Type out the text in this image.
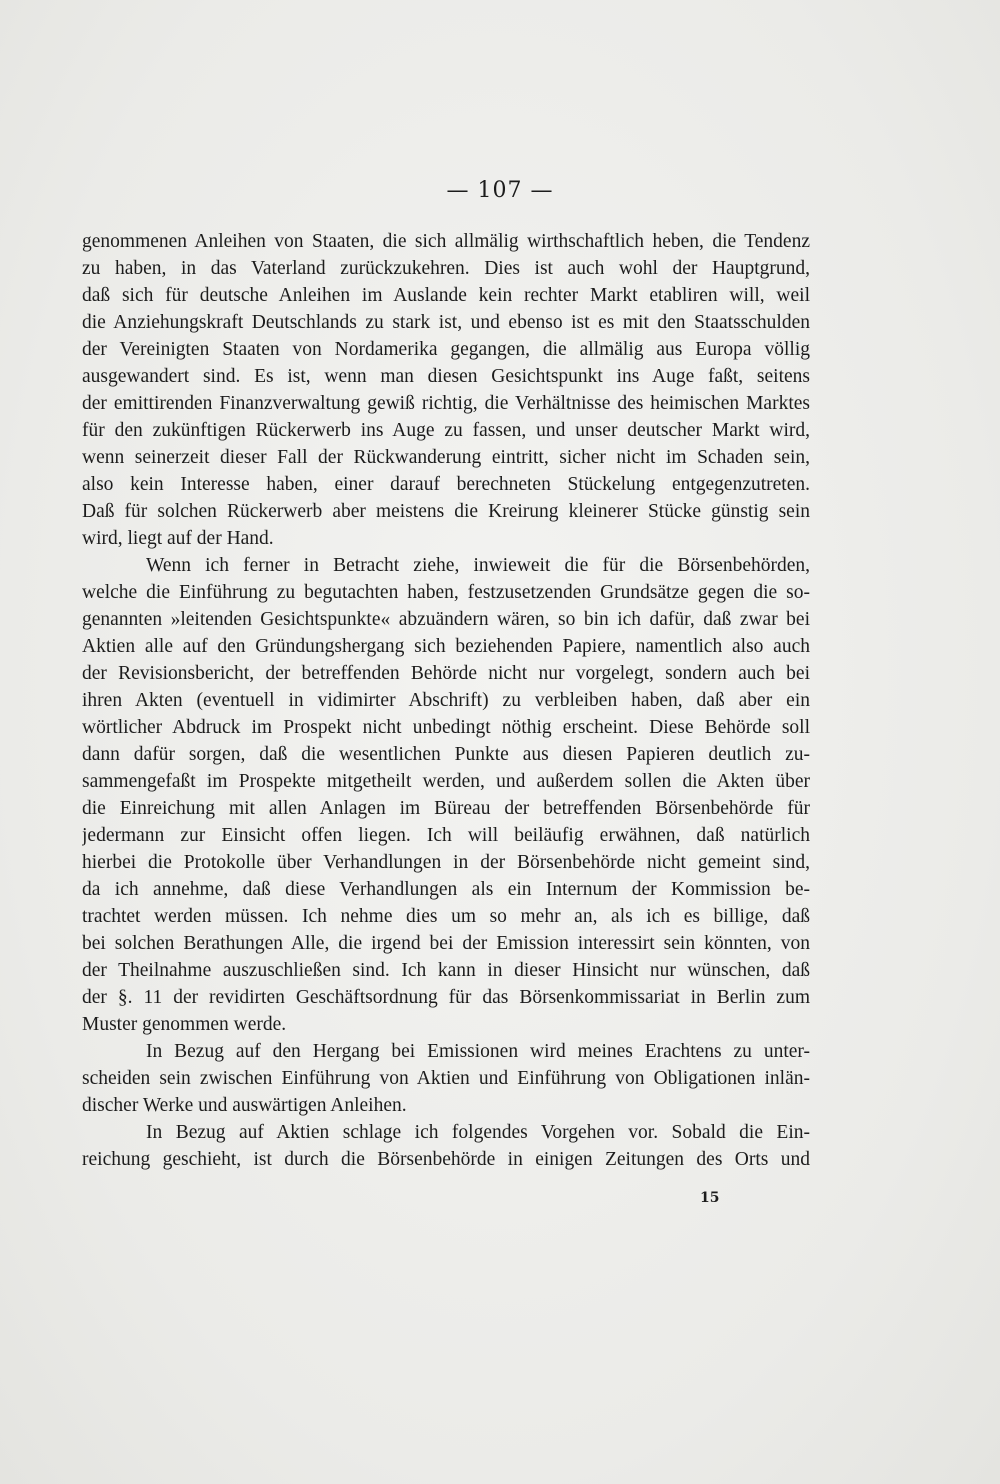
— 107 —

genommenen Anleihen von Staaten, die sich allmälig wirthschaftlich heben, die Tendenz

zu haben, in das Vaterland zurückzukehren. Dies ist auch wohl der Hauptgrund,

daß sich für deutsche Anleihen im Auslande kein rechter Markt etabliren will, weil

die Anziehungskraft Deutschlands zu stark ist, und ebenso ist es mit den Staatsschulden

der Vereinigten Staaten von Nordamerika gegangen, die allmälig aus Europa völlig

ausgewandert sind. Es ist, wenn man diesen Gesichtspunkt ins Auge faßt, seitens

der emittirenden Finanzverwaltung gewiß richtig, die Verhältnisse des heimischen Marktes

für den zukünftigen Rückerwerb ins Auge zu fassen, und unser deutscher Markt wird,

wenn seinerzeit dieser Fall der Rückwanderung eintritt, sicher nicht im Schaden sein,

also kein Interesse haben, einer darauf berechneten Stückelung entgegenzutreten.

Daß für solchen Rückerwerb aber meistens die Kreirung kleinerer Stücke günstig sein

wird, liegt auf der Hand.

Wenn ich ferner in Betracht ziehe, inwieweit die für die Börsenbehörden,

welche die Einführung zu begutachten haben, festzusetzenden Grundsätze gegen die so-

genannten »leitenden Gesichtspunkte« abzuändern wären, so bin ich dafür, daß zwar bei

Aktien alle auf den Gründungshergang sich beziehenden Papiere, namentlich also auch

der Revisionsbericht, der betreffenden Behörde nicht nur vorgelegt, sondern auch bei

ihren Akten (eventuell in vidimirter Abschrift) zu verbleiben haben, daß aber ein

wörtlicher Abdruck im Prospekt nicht unbedingt nöthig erscheint. Diese Behörde soll

dann dafür sorgen, daß die wesentlichen Punkte aus diesen Papieren deutlich zu-

sammengefaßt im Prospekte mitgetheilt werden, und außerdem sollen die Akten über

die Einreichung mit allen Anlagen im Büreau der betreffenden Börsenbehörde für

jedermann zur Einsicht offen liegen. Ich will beiläufig erwähnen, daß natürlich

hierbei die Protokolle über Verhandlungen in der Börsenbehörde nicht gemeint sind,

da ich annehme, daß diese Verhandlungen als ein Internum der Kommission be-

trachtet werden müssen. Ich nehme dies um so mehr an, als ich es billige, daß

bei solchen Berathungen Alle, die irgend bei der Emission interessirt sein könnten, von

der Theilnahme auszuschließen sind. Ich kann in dieser Hinsicht nur wünschen, daß

der §. 11 der revidirten Geschäftsordnung für das Börsenkommissariat in Berlin zum

Muster genommen werde.

In Bezug auf den Hergang bei Emissionen wird meines Erachtens zu unter-

scheiden sein zwischen Einführung von Aktien und Einführung von Obligationen inlän-

discher Werke und auswärtigen Anleihen.

In Bezug auf Aktien schlage ich folgendes Vorgehen vor. Sobald die Ein-

reichung geschieht, ist durch die Börsenbehörde in einigen Zeitungen des Orts und

15
